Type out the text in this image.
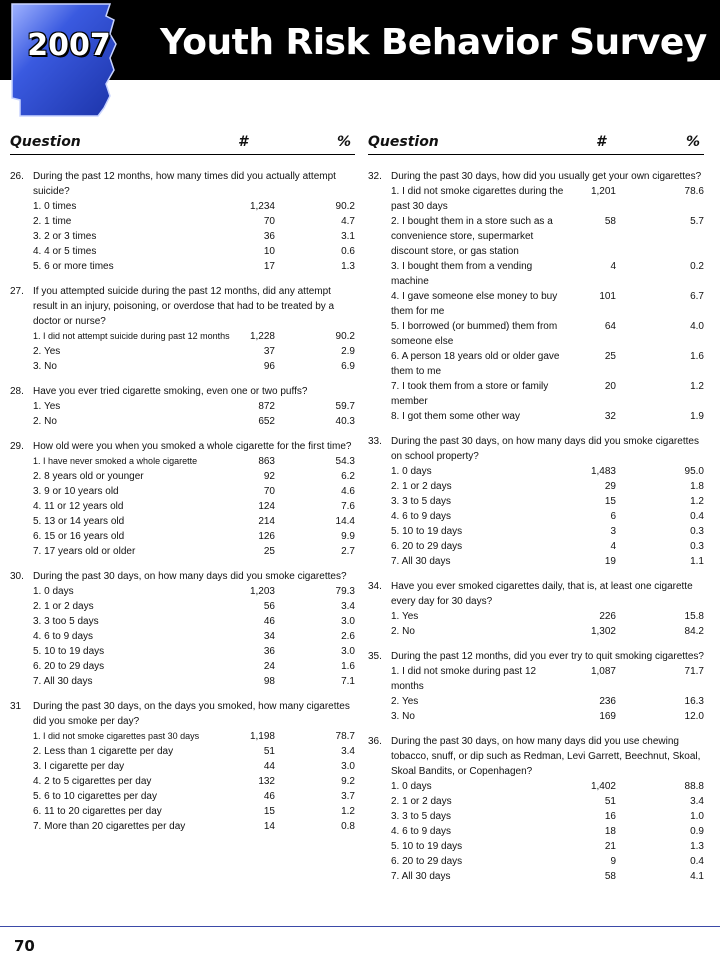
2007 Youth Risk Behavior Survey
Question	#	%
26. During the past 12 months, how many times did you actually attempt suicide?
1. 0 times	1,234	90.2
2. 1 time	70	4.7
3. 2 or 3 times	36	3.1
4. 4 or 5 times	10	0.6
5. 6 or more times	17	1.3
27. If you attempted suicide during the past 12 months, did any attempt result in an injury, poisoning, or overdose that had to be treated by a doctor or nurse?
1. I did not attempt suicide during past 12 months	1,228	90.2
2. Yes	37	2.9
3. No	96	6.9
28. Have you ever tried cigarette smoking, even one or two puffs?
1. Yes	872	59.7
2. No	652	40.3
29. How old were you when you smoked a whole cigarette for the first time?
1. I have never smoked a whole cigarette	863	54.3
2. 8 years old or younger	92	6.2
3. 9 or 10 years old	70	4.6
4. 11 or 12 years old	124	7.6
5. 13 or 14 years old	214	14.4
6. 15 or 16 years old	126	9.9
7. 17 years old or older	25	2.7
30. During the past 30 days, on how many days did you smoke cigarettes?
1. 0 days	1,203	79.3
2. 1 or 2 days	56	3.4
3. 3 too 5 days	46	3.0
4. 6 to 9 days	34	2.6
5. 10 to 19 days	36	3.0
6. 20 to 29 days	24	1.6
7. All 30 days	98	7.1
31	During the past 30 days, on the days you smoked, how many cigarettes did you smoke per day?
1. I did not smoke cigarettes past 30 days	1,198	78.7
2. Less than 1 cigarette per day	51	3.4
3. I cigarette per day	44	3.0
4. 2 to 5 cigarettes per day	132	9.2
5. 6 to 10 cigarettes per day	46	3.7
6. 11 to 20 cigarettes per day	15	1.2
7. More than 20 cigarettes per day	14	0.8
Question	#	%
32. During the past 30 days, how did you usually get your own cigarettes?
1. I did not smoke cigarettes during the past 30 days
1,201	78.6
2. I bought them in a store such as a convenience store, supermarket discount store, or gas station
58	5.7
3. I bought them from a vending machine
4	0.2
4. I gave someone else money to buy them for me
101	6.7
5. I borrowed (or bummed) them from someone else
64	4.0
6. A person 18 years old or older gave them to me
25	1.6
7. I took them from a store or family member
20	1.2
8. I got them some other way	32	1.9
33. During the past 30 days, on how many days did you smoke cigarettes on school property?
1. 0 days	1,483	95.0
2. 1 or 2 days	29	1.8
3. 3 to 5 days	15	1.2
4. 6 to 9 days	6	0.4
5. 10 to 19 days	3	0.3
6. 20 to 29 days	4	0.3
7. All 30 days	19	1.1
34. Have you ever smoked cigarettes daily, that is, at least one cigarette every day for 30 days?
1. Yes	226	15.8
2. No	1,302	84.2
35. During the past 12 months, did you ever try to quit smoking cigarettes?
1. I did not smoke during past 12 months
1,087	71.7
2. Yes	236	16.3
3. No	169	12.0
36. During the past 30 days, on how many days did you use chewing tobacco, snuff, or dip such as Redman, Levi Garrett, Beechnut, Skoal, Skoal Bandits, or Copenhagen?
1. 0 days	1,402	88.8
2. 1 or 2 days	51	3.4
3. 3 to 5 days	16	1.0
4. 6 to 9 days	18	0.9
5. 10 to 19 days	21	1.3
6. 20 to 29 days	9	0.4
7. All 30 days	58	4.1
70
